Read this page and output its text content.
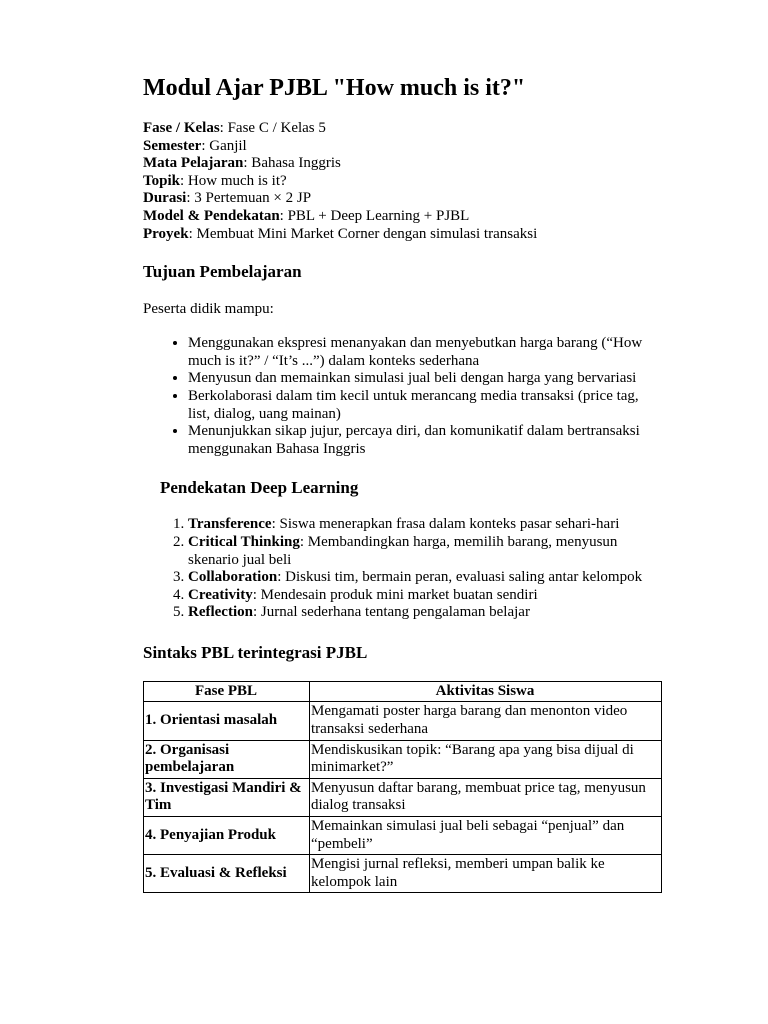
Modul Ajar PJBL "How much is it?"
Fase / Kelas: Fase C / Kelas 5
Semester: Ganjil
Mata Pelajaran: Bahasa Inggris
Topik: How much is it?
Durasi: 3 Pertemuan × 2 JP
Model & Pendekatan: PBL + Deep Learning + PJBL
Proyek: Membuat Mini Market Corner dengan simulasi transaksi
Tujuan Pembelajaran
Peserta didik mampu:
• Menggunakan ekspresi menanyakan dan menyebutkan harga barang (“How much is it?” / “It’s ...”) dalam konteks sederhana
• Menyusun dan memainkan simulasi jual beli dengan harga yang bervariasi
• Berkolaborasi dalam tim kecil untuk merancang media transaksi (price tag, list, dialog, uang mainan)
• Menunjukkan sikap jujur, percaya diri, dan komunikatif dalam bertransaksi menggunakan Bahasa Inggris
Pendekatan Deep Learning
1. Transference: Siswa menerapkan frasa dalam konteks pasar sehari-hari
2. Critical Thinking: Membandingkan harga, memilih barang, menyusun skenario jual beli
3. Collaboration: Diskusi tim, bermain peran, evaluasi saling antar kelompok
4. Creativity: Mendesain produk mini market buatan sendiri
5. Reflection: Jurnal sederhana tentang pengalaman belajar
Sintaks PBL terintegrasi PJBL
Fase PBL	Aktivitas Siswa
1. Orientasi masalah	Mengamati poster harga barang dan menonton video transaksi sederhana
2. Organisasi pembelajaran	Mendiskusikan topik: “Barang apa yang bisa dijual di minimarket?”
3. Investigasi Mandiri & Tim	Menyusun daftar barang, membuat price tag, menyusun dialog transaksi
4. Penyajian Produk	Memainkan simulasi jual beli sebagai “penjual” dan “pembeli”
5. Evaluasi & Refleksi	Mengisi jurnal refleksi, memberi umpan balik ke kelompok lain
